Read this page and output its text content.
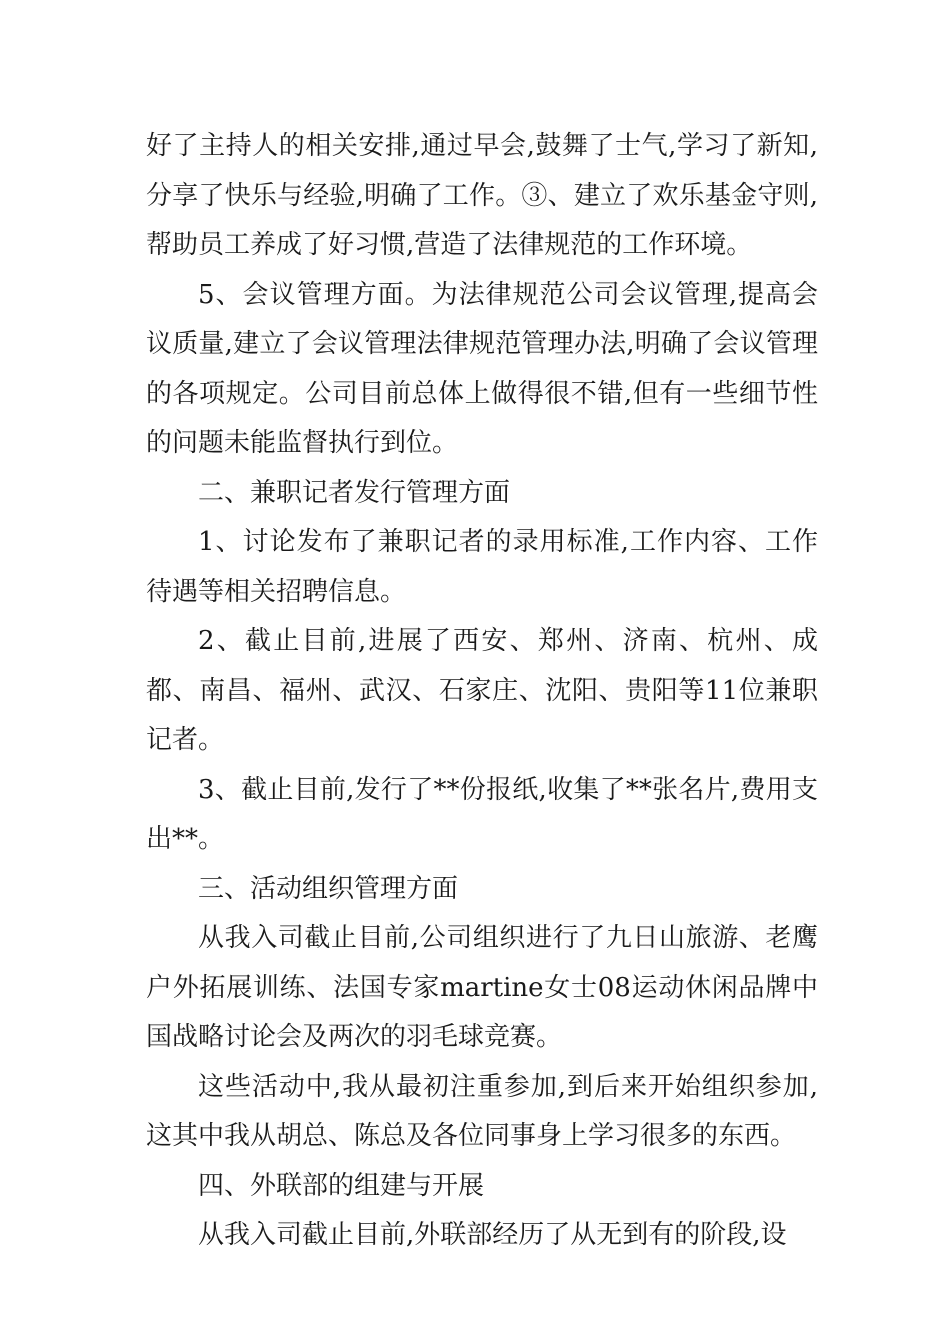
好了主持人的相关安排,通过早会,鼓舞了士气,学习了新知,分享了快乐与经验,明确了工作。③、建立了欢乐基金守则,帮助员工养成了好习惯,营造了法律规范的工作环境。

5、会议管理方面。为法律规范公司会议管理,提高会议质量,建立了会议管理法律规范管理办法,明确了会议管理的各项规定。公司目前总体上做得很不错,但有一些细节性的问题未能监督执行到位。

二、兼职记者发行管理方面

1、讨论发布了兼职记者的录用标准,工作内容、工作待遇等相关招聘信息。

2、截止目前,进展了西安、郑州、济南、杭州、成都、南昌、福州、武汉、石家庄、沈阳、贵阳等11位兼职记者。

3、截止目前,发行了**份报纸,收集了**张名片,费用支出**。

三、活动组织管理方面

从我入司截止目前,公司组织进行了九日山旅游、老鹰户外拓展训练、法国专家martine女士08运动休闲品牌中国战略讨论会及两次的羽毛球竞赛。

这些活动中,我从最初注重参加,到后来开始组织参加,这其中我从胡总、陈总及各位同事身上学习很多的东西。

四、外联部的组建与开展

从我入司截止目前,外联部经历了从无到有的阶段,设
